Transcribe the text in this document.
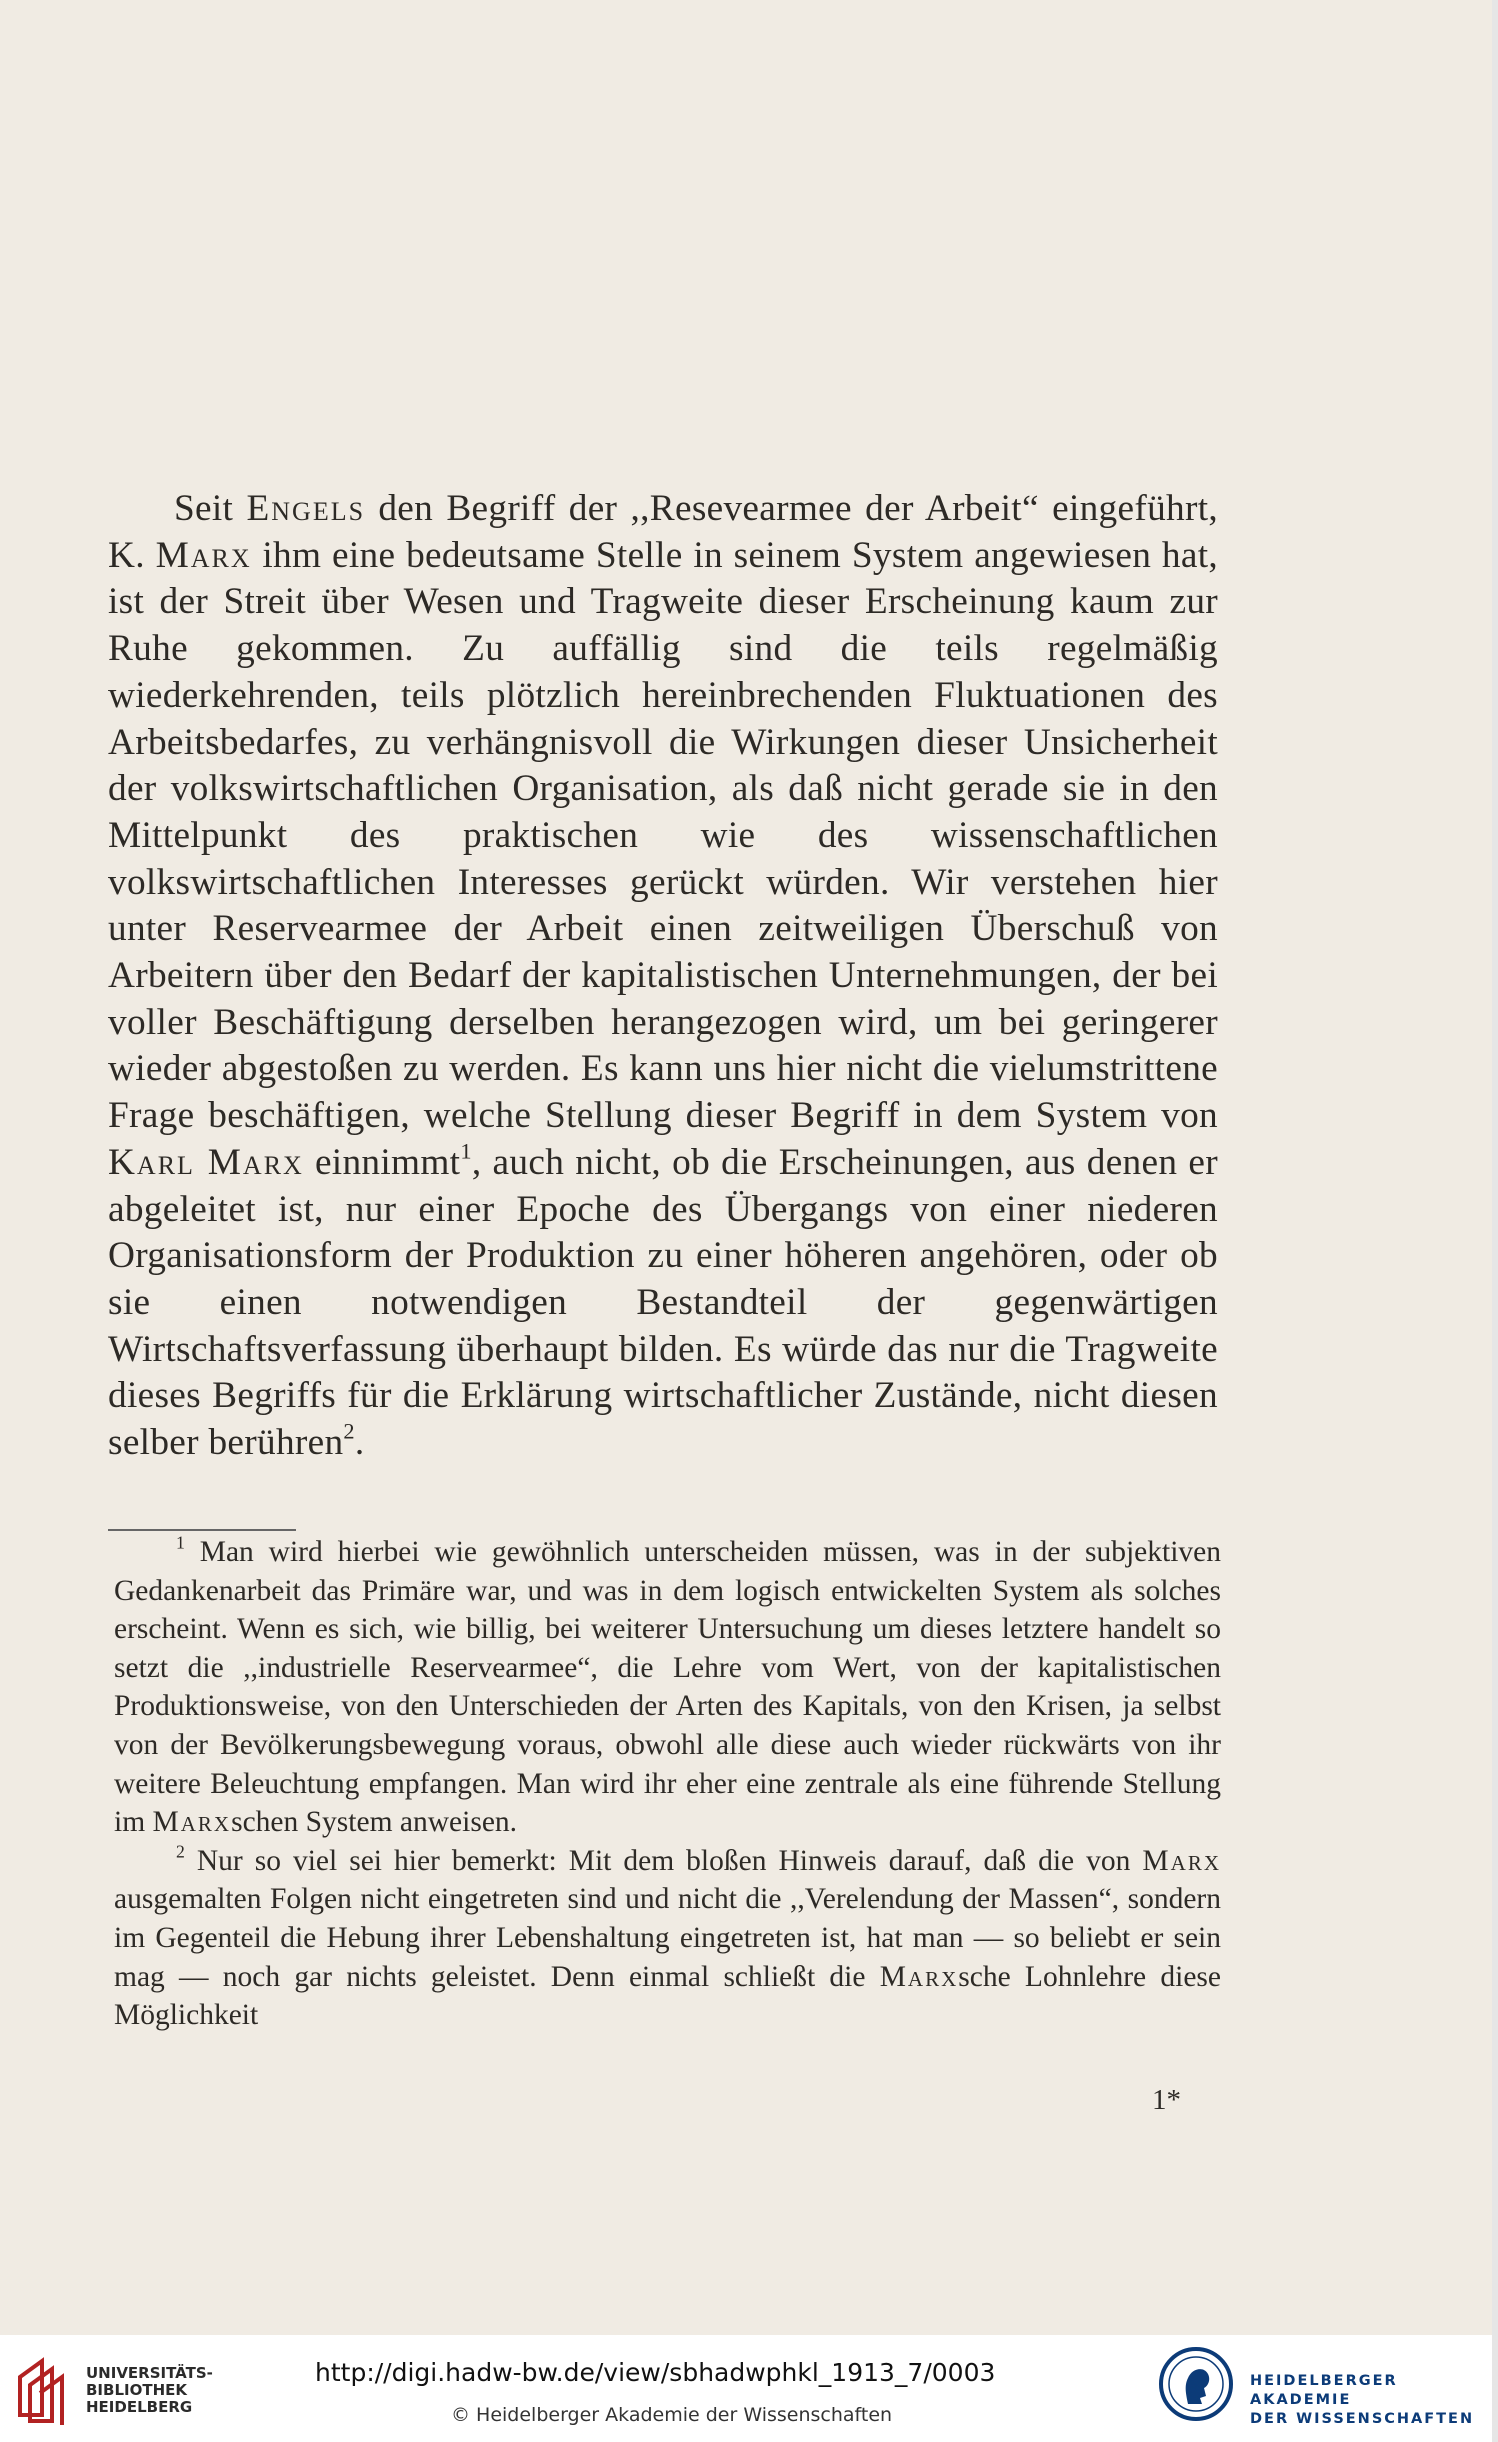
Seit Engels den Begriff der ,,Resevearmee der Arbeit“ eingeführt, K. Marx ihm eine bedeutsame Stelle in seinem System angewiesen hat, ist der Streit über Wesen und Tragweite dieser Erscheinung kaum zur Ruhe gekommen. Zu auffällig sind die teils regelmäßig wiederkehrenden, teils plötzlich hereinbrechenden Fluktuationen des Arbeitsbedarfes, zu verhängnisvoll die Wirkungen dieser Unsicherheit der volkswirtschaftlichen Organisation, als daß nicht gerade sie in den Mittelpunkt des praktischen wie des wissenschaftlichen volkswirtschaftlichen Interesses gerückt würden. Wir verstehen hier unter Reservearmee der Arbeit einen zeitweiligen Überschuß von Arbeitern über den Bedarf der kapitalistischen Unternehmungen, der bei voller Beschäftigung derselben herangezogen wird, um bei geringerer wieder abgestoßen zu werden. Es kann uns hier nicht die vielumstrittene Frage beschäftigen, welche Stellung dieser Begriff in dem System von Karl Marx einnimmt$^1$, auch nicht, ob die Erscheinungen, aus denen er abgeleitet ist, nur einer Epoche des Übergangs von einer niederen Organisationsform der Produktion zu einer höheren angehören, oder ob sie einen notwendigen Bestandteil der gegenwärtigen Wirtschaftsverfassung überhaupt bilden. Es würde das nur die Tragweite dieses Begriffs für die Erklärung wirtschaftlicher Zustände, nicht diesen selber berühren$^2$.

$^1$ Man wird hierbei wie gewöhnlich unterscheiden müssen, was in der subjektiven Gedankenarbeit das Primäre war, und was in dem logisch entwickelten System als solches erscheint. Wenn es sich, wie billig, bei weiterer Untersuchung um dieses letztere handelt so setzt die ,,industrielle Reservearmee“, die Lehre vom Wert, von der kapitalistischen Produktionsweise, von den Unterschieden der Arten des Kapitals, von den Krisen, ja selbst von der Bevölkerungsbewegung voraus, obwohl alle diese auch wieder rückwärts von ihr weitere Beleuchtung empfangen. Man wird ihr eher eine zentrale als eine führende Stellung im Marxschen System anweisen.

$^2$ Nur so viel sei hier bemerkt: Mit dem bloßen Hinweis darauf, daß die von Marx ausgemalten Folgen nicht eingetreten sind und nicht die ,,Verelendung der Massen“, sondern im Gegenteil die Hebung ihrer Lebenshaltung eingetreten ist, hat man — so beliebt er sein mag — noch gar nichts geleistet. Denn einmal schließt die Marxsche Lohnlehre diese Möglichkeit

1*
UNIVERSITÄTS-
BIBLIOTHEK
HEIDELBERG
http://digi.hadw-bw.de/view/sbhadwphkl_1913_7/0003
© Heidelberger Akademie der Wissenschaften
HEIDELBERGER AKADEMIE
DER WISSENSCHAFTEN
